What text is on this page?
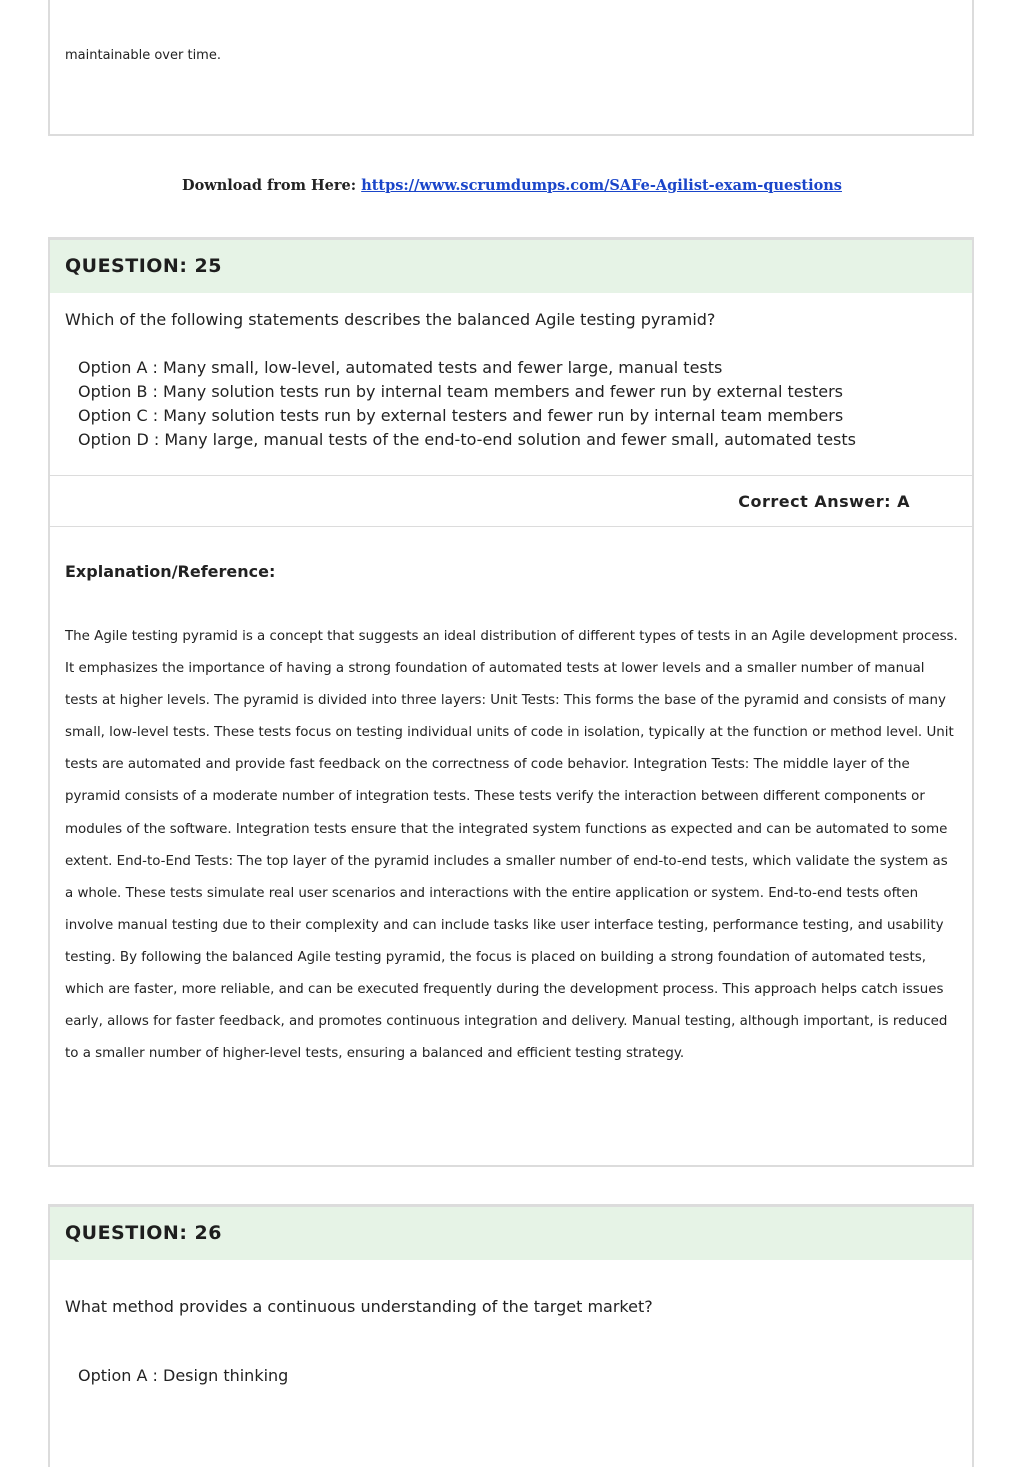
maintainable over time.
Download from Here: https://www.scrumdumps.com/SAFe-Agilist-exam-questions
QUESTION: 25
Which of the following statements describes the balanced Agile testing pyramid?
Option A : Many small, low-level, automated tests and fewer large, manual tests
Option B : Many solution tests run by internal team members and fewer run by external testers
Option C : Many solution tests run by external testers and fewer run by internal team members
Option D : Many large, manual tests of the end-to-end solution and fewer small, automated tests
Correct Answer: A
Explanation/Reference:
The Agile testing pyramid is a concept that suggests an ideal distribution of different types of tests in an Agile development process. It emphasizes the importance of having a strong foundation of automated tests at lower levels and a smaller number of manual tests at higher levels. The pyramid is divided into three layers: Unit Tests: This forms the base of the pyramid and consists of many small, low-level tests. These tests focus on testing individual units of code in isolation, typically at the function or method level. Unit tests are automated and provide fast feedback on the correctness of code behavior. Integration Tests: The middle layer of the pyramid consists of a moderate number of integration tests. These tests verify the interaction between different components or modules of the software. Integration tests ensure that the integrated system functions as expected and can be automated to some extent. End-to-End Tests: The top layer of the pyramid includes a smaller number of end-to-end tests, which validate the system as a whole. These tests simulate real user scenarios and interactions with the entire application or system. End-to-end tests often involve manual testing due to their complexity and can include tasks like user interface testing, performance testing, and usability testing. By following the balanced Agile testing pyramid, the focus is placed on building a strong foundation of automated tests, which are faster, more reliable, and can be executed frequently during the development process. This approach helps catch issues early, allows for faster feedback, and promotes continuous integration and delivery. Manual testing, although important, is reduced to a smaller number of higher-level tests, ensuring a balanced and efficient testing strategy.
QUESTION: 26
What method provides a continuous understanding of the target market?
Option A : Design thinking
